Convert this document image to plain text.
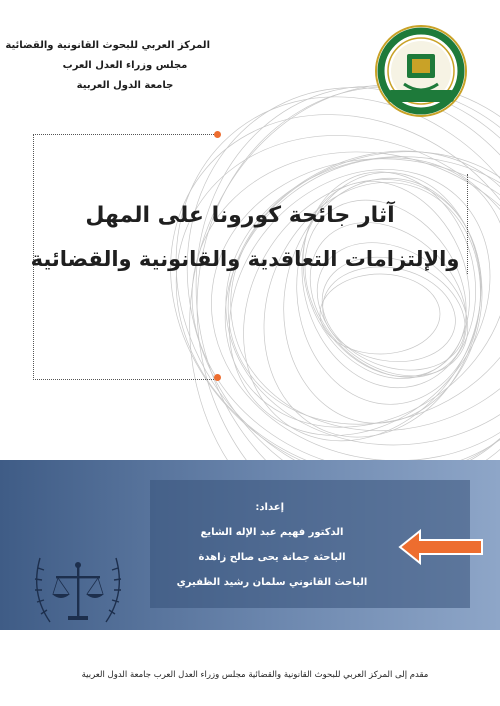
المركز العربي للبحوث القانونية والقضائية
مجلس وزراء العدل العرب
جامعة الدول العربية
آثار جائحة كورونا على المهل
والإلتزامات التعاقدية والقانونية والقضائية
إعداد:
الدكتور فهيم عبد الإله الشايع
الباحثة جمانة يحى صالح زاهدة
الباحث القانوني سلمان رشيد الظفيري
مقدم إلى المركز العربي للبحوث القانونية والقضائية مجلس وزراء العدل العرب جامعة الدول العربية
